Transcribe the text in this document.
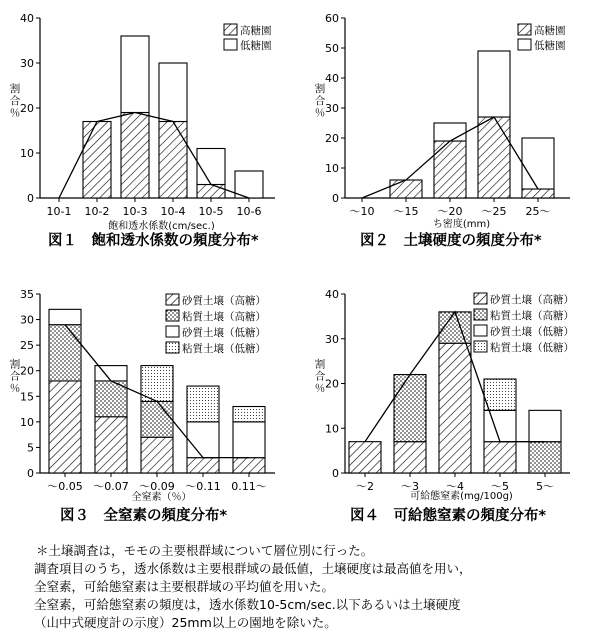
0
10
20
30
40
割合％
10-1 10-2 10-3 10-4 10-5 10-6
飽和透水係数(cm/sec.)
図１　飽和透水係数の頻度分布*
高糖園
低糖園
0
10
20
30
40
50
60
割合％
〜10 〜15 〜20 〜25 25〜
ち密度(mm)
図２　土壌硬度の頻度分布*
高糖園
低糖園
0
5
10
15
20
25
30
35
割合％
〜0.05 〜0.07 〜0.09 〜0.11 0.11〜
全窒素（％）
図３　全窒素の頻度分布*
砂質土壌（高糖）
粘質土壌（高糖）
砂質土壌（低糖）
粘質土壌（低糖）
0
10
20
30
40
割合％
〜2 〜3 〜4 〜5 5〜
可給態窒素(mg/100g)
図４　可給態窒素の頻度分布*
砂質土壌（高糖）
粘質土壌（高糖）
砂質土壌（低糖）
粘質土壌（低糖）
＊土壌調査は，モモの主要根群域について層位別に行った。
調査項目のうち，透水係数は主要根群域の最低値，土壌硬度は最高値を用い，
全窒素，可給態窒素は主要根群域の平均値を用いた。
全窒素，可給態窒素の頻度は，透水係数10-5cm/sec.以下あるいは土壌硬度
（山中式硬度計の示度）25mm以上の園地を除いた。
